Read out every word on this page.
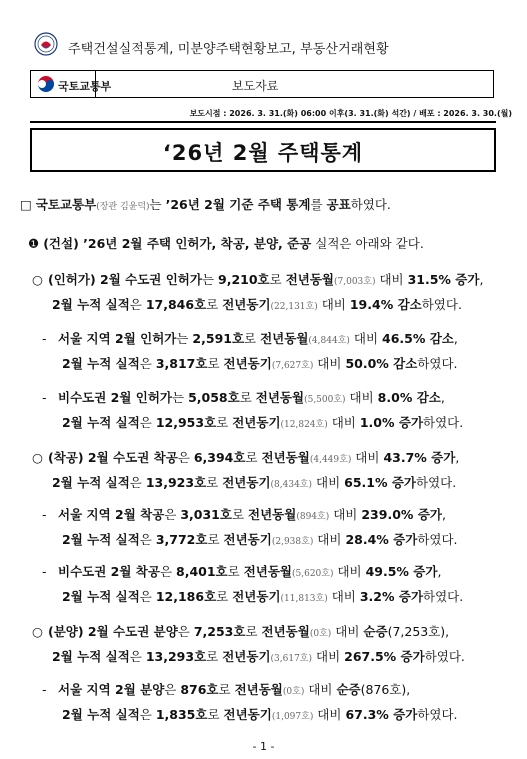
주택건설실적통계, 미분양주택현황보고, 부동산거래현황
국토교통부	보도자료
보도시점 : 2026. 3. 31.(화) 06:00 이후(3. 31.(화) 석간) / 배포 : 2026. 3. 30.(월)
‘26년 2월 주택통계
□ 국토교통부(장관 김윤덕)는 ’26년 2월 기준 주택 통계를 공표하였다.
❶ (건설) ’26년 2월 주택 인허가, 착공, 분양, 준공 실적은 아래와 같다.
○ (인허가) 2월 수도권 인허가는 9,210호로 전년동월(7,003호) 대비 31.5% 증가,
2월 누적 실적은 17,846호로 전년동기(22,131호) 대비 19.4% 감소하였다.
- 서울 지역 2월 인허가는 2,591호로 전년동월(4,844호) 대비 46.5% 감소,
2월 누적 실적은 3,817호로 전년동기(7,627호) 대비 50.0% 감소하였다.
- 비수도권 2월 인허가는 5,058호로 전년동월(5,500호) 대비 8.0% 감소,
2월 누적 실적은 12,953호로 전년동기(12,824호) 대비 1.0% 증가하였다.
○ (착공) 2월 수도권 착공은 6,394호로 전년동월(4,449호) 대비 43.7% 증가,
2월 누적 실적은 13,923호로 전년동기(8,434호) 대비 65.1% 증가하였다.
- 서울 지역 2월 착공은 3,031호로 전년동월(894호) 대비 239.0% 증가,
2월 누적 실적은 3,772호로 전년동기(2,938호) 대비 28.4% 증가하였다.
- 비수도권 2월 착공은 8,401호로 전년동월(5,620호) 대비 49.5% 증가,
2월 누적 실적은 12,186호로 전년동기(11,813호) 대비 3.2% 증가하였다.
○ (분양) 2월 수도권 분양은 7,253호로 전년동월(0호) 대비 순증(7,253호),
2월 누적 실적은 13,293호로 전년동기(3,617호) 대비 267.5% 증가하였다.
- 서울 지역 2월 분양은 876호로 전년동월(0호) 대비 순증(876호),
2월 누적 실적은 1,835호로 전년동기(1,097호) 대비 67.3% 증가하였다.
- 1 -
